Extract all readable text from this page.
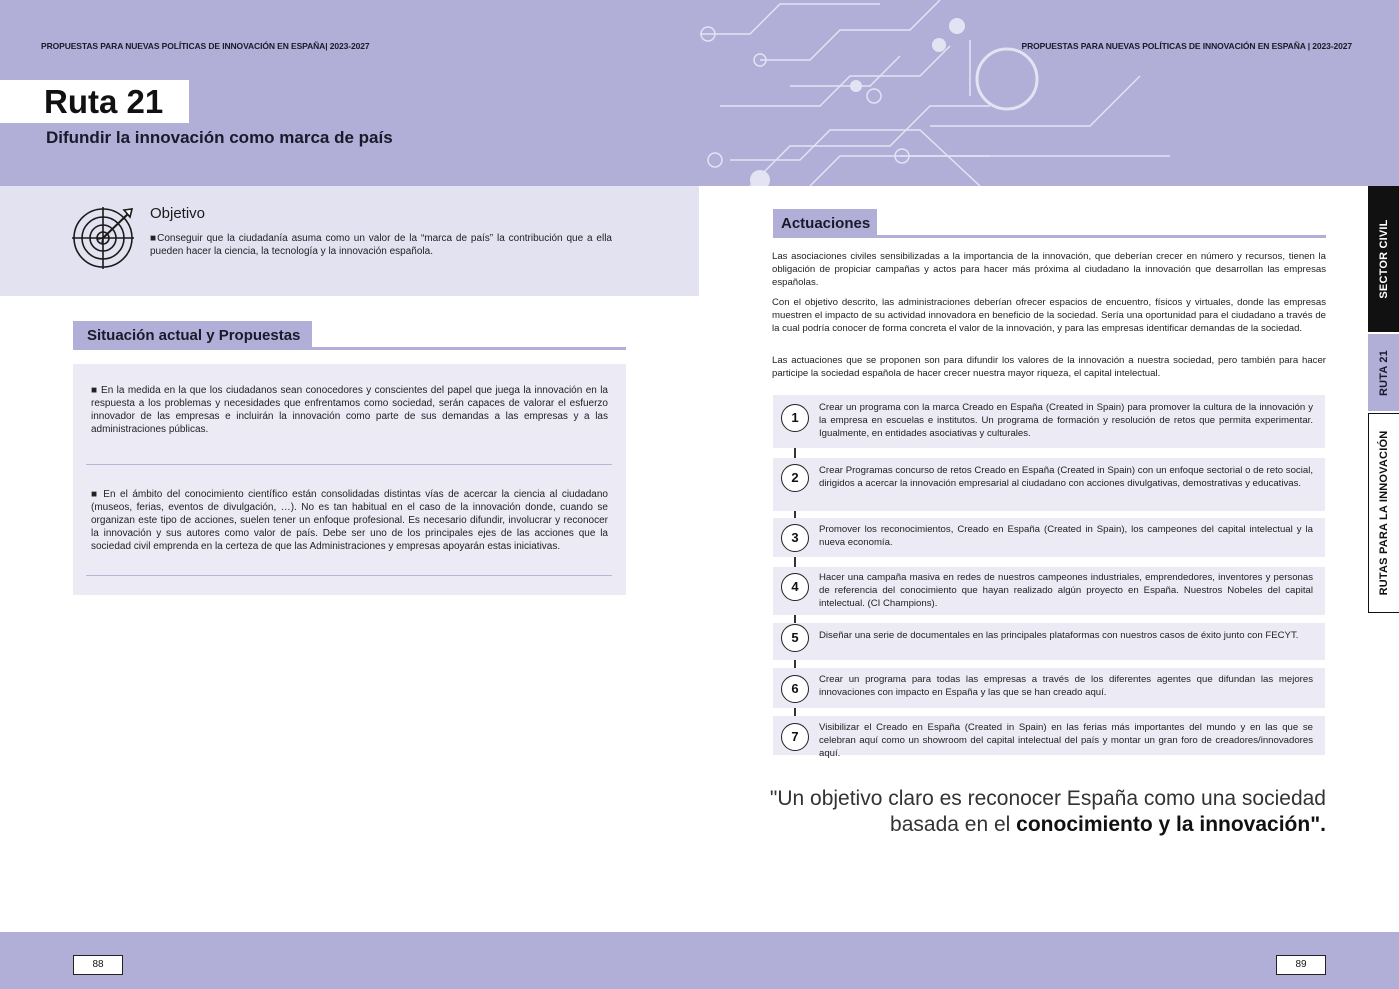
PROPUESTAS PARA NUEVAS POLÍTICAS DE INNOVACIÓN EN ESPAÑA| 2023-2027	PROPUESTAS PARA NUEVAS POLÍTICAS DE INNOVACIÓN EN ESPAÑA | 2023-2027
Ruta 21
Difundir la innovación como marca de país
Objetivo
■Conseguir que la ciudadanía asuma como un valor de la “marca de país” la contribución que a ella pueden hacer la ciencia, la tecnología y la innovación española.
Situación actual y Propuestas
■ En la medida en la que los ciudadanos sean conocedores y conscientes del papel que juega la innovación en la respuesta a los problemas y necesidades que enfrentamos como sociedad, serán capaces de valorar el esfuerzo innovador de las empresas e incluirán la innovación como parte de sus demandas a las empresas y a las administraciones públicas.
■ En el ámbito del conocimiento científico están consolidadas distintas vías de acercar la ciencia al ciudadano (museos, ferias, eventos de divulgación, …). No es tan habitual en el caso de la innovación donde, cuando se organizan este tipo de acciones, suelen tener un enfoque profesional. Es necesario difundir, involucrar y reconocer la innovación y sus autores como valor de país. Debe ser uno de los principales ejes de las acciones que la sociedad civil emprenda en la certeza de que las Administraciones y empresas apoyarán estas iniciativas.
Actuaciones
Las asociaciones civiles sensibilizadas a la importancia de la innovación, que deberían crecer en número y recursos, tienen la obligación de propiciar campañas y actos para hacer más próxima al ciudadano la innovación que desarrollan las empresas españolas.
Con el objetivo descrito, las administraciones deberían ofrecer espacios de encuentro, físicos y virtuales, donde las empresas muestren el impacto de su actividad innovadora en beneficio de la sociedad. Sería una oportunidad para el ciudadano a través de la cual podría conocer de forma concreta el valor de la innovación, y para las empresas identificar demandas de la sociedad.
Las actuaciones que se proponen son para difundir los valores de la innovación a nuestra sociedad, pero también para hacer participe la sociedad española de hacer crecer nuestra mayor riqueza, el capital intelectual.
Crear un programa con la marca Creado en España (Created in Spain) para promover la cultura de la innovación y la empresa en escuelas e institutos. Un programa de formación y resolución de retos que permita experimentar. Igualmente, en entidades asociativas y culturales.
1
Crear Programas concurso de retos Creado en España (Created in Spain) con un enfoque sectorial o de reto social, dirigidos a acercar la innovación empresarial al ciudadano con acciones divulgativas, demostrativas y educativas.
2
Promover los reconocimientos, Creado en España (Created in Spain), los campeones del capital intelectual y la nueva economía.
3
Hacer una campaña masiva en redes de nuestros campeones industriales, emprendedores, inventores y personas de referencia del conocimiento que hayan realizado algún proyecto en España. Nuestros Nobeles del capital intelectual. (CI Champions).
4
Diseñar una serie de documentales en las principales plataformas con nuestros casos de éxito junto con FECYT.
5
Crear un programa para todas las empresas a través de los diferentes agentes que difundan las mejores innovaciones con impacto en España y las que se han creado aquí.
6
Visibilizar el Creado en España (Created in Spain) en las ferias más importantes del mundo y en las que se celebran aquí como un showroom del capital intelectual del país y montar un gran foro de creadores/innovadores aquí.
7
"Un objetivo claro es reconocer España como una sociedad
basada en el conocimiento y la innovación".
SECTOR CIVIL
RUTA 21
RUTAS PARA LA INNOVACIÓN
88	89
